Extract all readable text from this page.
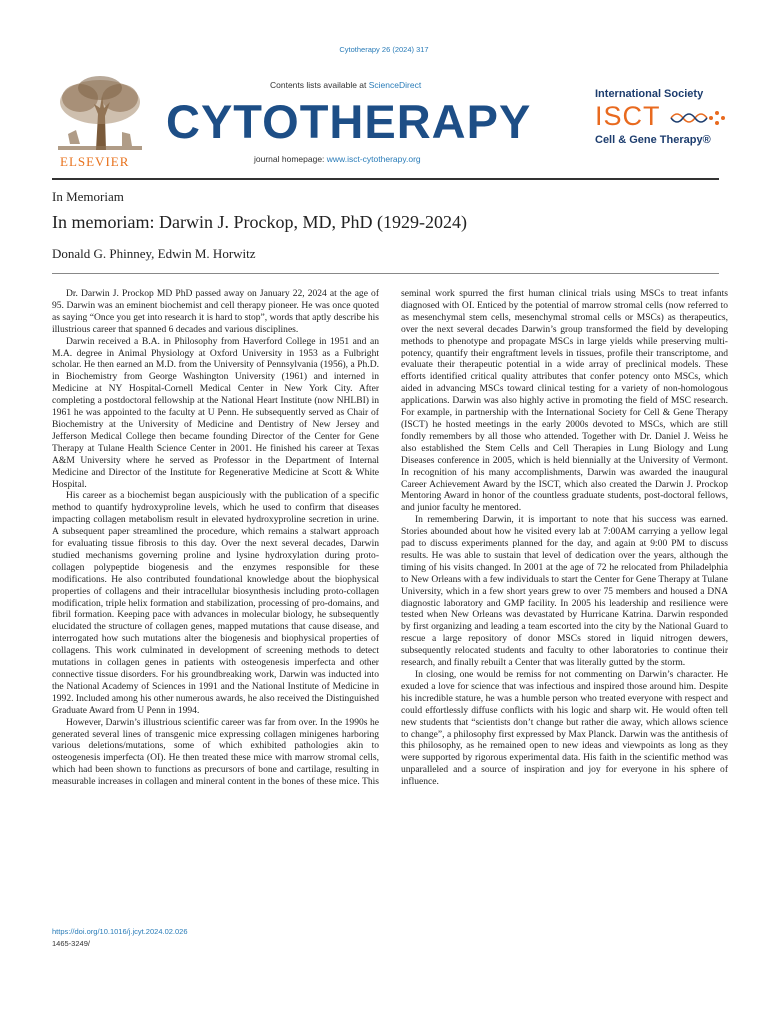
Cytotherapy 26 (2024) 317
ELSEVIER
Contents lists available at ScienceDirect
CYTOTHERAPY
journal homepage: www.isct-cytotherapy.org
International Society
ISCT
Cell & Gene Therapy®
In Memoriam
In memoriam: Darwin J. Prockop, MD, PhD (1929-2024)
Donald G. Phinney, Edwin M. Horwitz

Dr. Darwin J. Prockop MD PhD passed away on January 22, 2024 at the age of 95. Darwin was an eminent biochemist and cell therapy pioneer. He was once quoted as saying “Once you get into research it is hard to stop”, words that aptly describe his illustrious career that spanned 6 decades and various disciplines.

Darwin received a B.A. in Philosophy from Haverford College in 1951 and an M.A. degree in Animal Physiology at Oxford University in 1953 as a Fulbright scholar. He then earned an M.D. from the University of Pennsylvania (1956), a Ph.D. in Biochemistry from George Washington University (1961) and interned in Medicine at NY Hospital-Cornell Medical Center in New York City. After completing a postdoctoral fellowship at the National Heart Institute (now NHLBI) in 1961 he was appointed to the faculty at U Penn. He subsequently served as Chair of Biochemistry at the University of Medicine and Dentistry of New Jersey and Jefferson Medical College then became founding Director of the Center for Gene Therapy at Tulane Health Science Center in 2001. He finished his career at Texas A&M University where he served as Professor in the Department of Internal Medicine and Director of the Institute for Regenerative Medicine at Scott & White Hospital.

His career as a biochemist began auspiciously with the publication of a specific method to quantify hydroxyproline levels, which he used to confirm that diseases impacting collagen metabolism result in elevated hydroxyproline secretion in urine. A subsequent paper streamlined the procedure, which remains a stalwart approach for evaluating tissue fibrosis to this day. Over the next several decades, Darwin studied mechanisms governing proline and lysine hydroxylation during proto-collagen polypeptide biogenesis and the enzymes responsible for these modifications. He also contributed foundational knowledge about the biophysical properties of collagens and their intracellular biosynthesis including proto-collagen modification, triple helix formation and stabilization, processing of pro-domains, and fibril formation. Keeping pace with advances in molecular biology, he subsequently elucidated the structure of collagen genes, mapped mutations that cause disease, and interrogated how such mutations alter the biogenesis and biophysical properties of collagens. This work culminated in development of screening methods to detect mutations in collagen genes in patients with osteogenesis imperfecta and other connective tissue disorders. For his groundbreaking work, Darwin was inducted into the National Academy of Sciences in 1991 and the National Institute of Medicine in 1992. Included among his other numerous awards, he also received the Distinguished Graduate Award from U Penn in 1994.

However, Darwin’s illustrious scientific career was far from over. In the 1990s he generated several lines of transgenic mice expressing collagen minigenes harboring various deletions/mutations, some of which exhibited pathologies akin to osteogenesis imperfecta (OI). He then treated these mice with marrow stromal cells, which had been shown to functions as precursors of bone and cartilage, resulting in measurable increases in collagen and mineral content in the bones of these mice. This

seminal work spurred the first human clinical trials using MSCs to treat infants diagnosed with OI. Enticed by the potential of marrow stromal cells (now referred to as mesenchymal stem cells, mesenchymal stromal cells or MSCs) as therapeutics, over the next several decades Darwin’s group transformed the field by developing methods to phenotype and propagate MSCs in large yields while preserving multi-potency, quantify their engraftment levels in tissues, profile their transcriptome, and evaluate their therapeutic potential in a wide array of preclinical models. These efforts identified critical quality attributes that confer potency onto MSCs, which aided in advancing MSCs toward clinical testing for a variety of non-homologous applications. Darwin was also highly active in promoting the field of MSC research. For example, in partnership with the International Society for Cell & Gene Therapy (ISCT) he hosted meetings in the early 2000s devoted to MSCs, which are still fondly remembers by all those who attended. Together with Dr. Daniel J. Weiss he also established the Stem Cells and Cell Therapies in Lung Biology and Lung Diseases conference in 2005, which is held biennially at the University of Vermont. In recognition of his many accomplishments, Darwin was awarded the inaugural Career Achievement Award by the ISCT, which also created the Darwin J. Prockop Mentoring Award in honor of the countless graduate students, post-doctoral fellows, and junior faculty he mentored.

In remembering Darwin, it is important to note that his success was earned. Stories abounded about how he visited every lab at 7:00AM carrying a yellow legal pad to discuss experiments planned for the day, and again at 9:00 PM to discuss results. He was able to sustain that level of dedication over the years, although the timing of his visits changed. In 2001 at the age of 72 he relocated from Philadelphia to New Orleans with a few individuals to start the Center for Gene Therapy at Tulane University, which in a few short years grew to over 75 members and housed a DNA diagnostic laboratory and GMP facility. In 2005 his leadership and resilience were tested when New Orleans was devastated by Hurricane Katrina. Darwin responded by first organizing and leading a team escorted into the city by the National Guard to rescue a large repository of donor MSCs stored in liquid nitrogen dewers, subsequently relocated students and faculty to other laboratories to continue their research, and finally rebuilt a Center that was literally gutted by the storm.

In closing, one would be remiss for not commenting on Darwin’s character. He exuded a love for science that was infectious and inspired those around him. Despite his incredible stature, he was a humble person who treated everyone with respect and could effortlessly diffuse conflicts with his logic and sharp wit. He would often tell new students that “scientists don’t change but rather die away, which allows science to change”, a philosophy first expressed by Max Planck. Darwin was the antithesis of this philosophy, as he remained open to new ideas and viewpoints as long as they were supported by rigorous experimental data. His faith in the scientific method was unparalleled and a source of inspiration and joy for everyone in his sphere of influence.

https://doi.org/10.1016/j.jcyt.2024.02.026
1465-3249/
